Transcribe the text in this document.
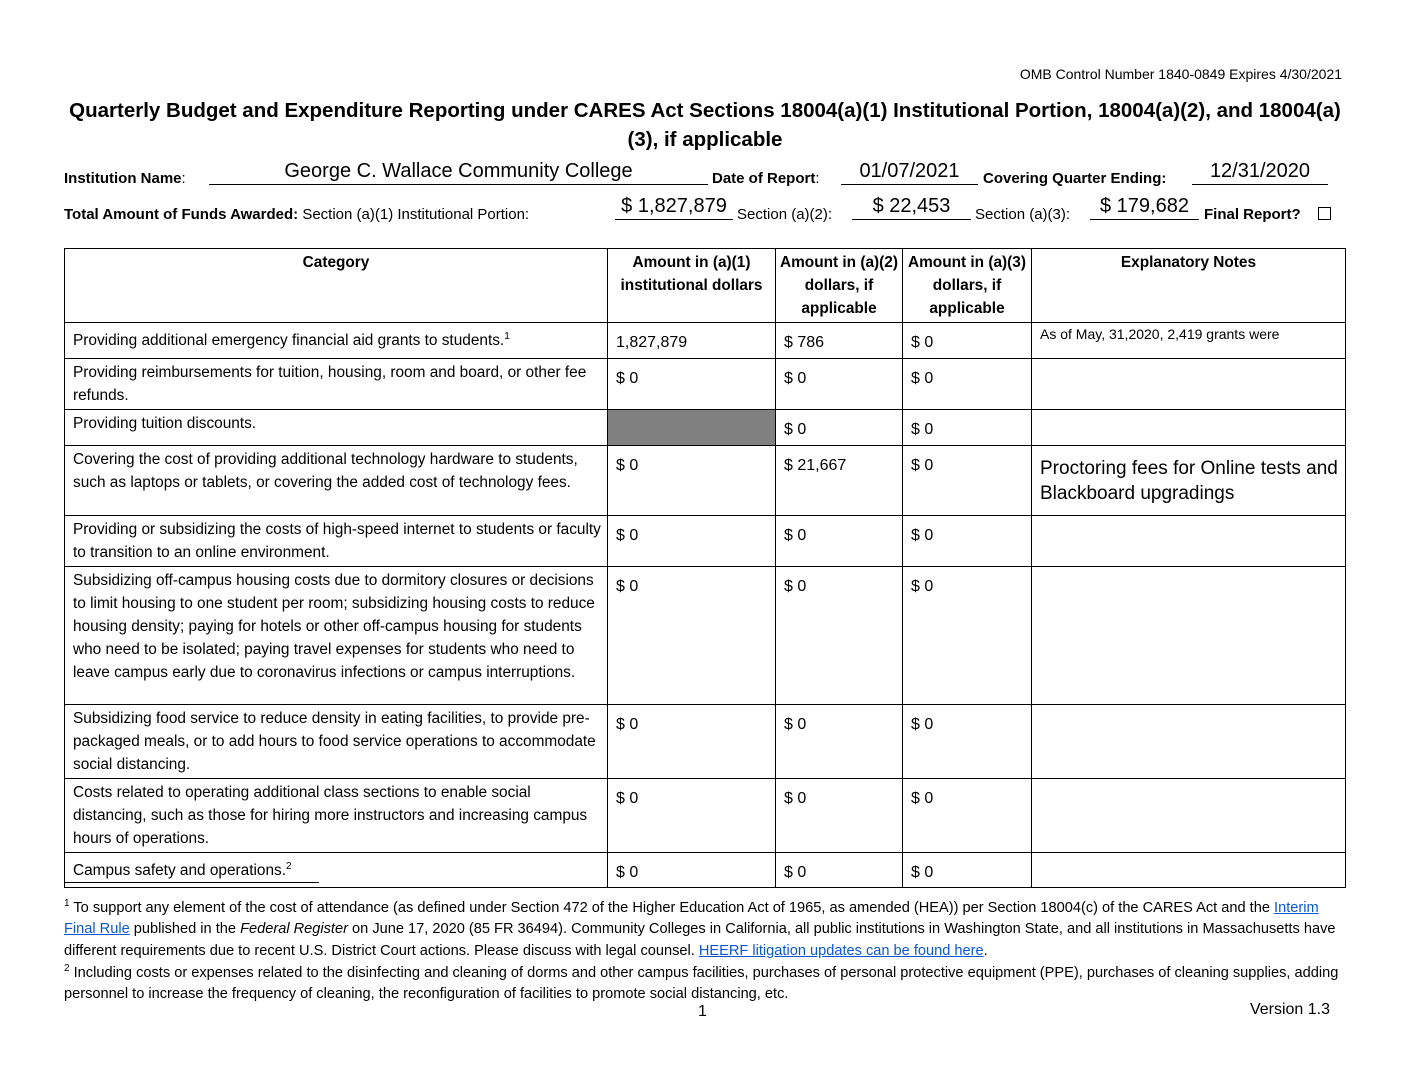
OMB Control Number 1840-0849 Expires 4/30/2021
Quarterly Budget and Expenditure Reporting under CARES Act Sections 18004(a)(1) Institutional Portion, 18004(a)(2), and 18004(a)(3), if applicable
Institution Name:	George C. Wallace Community College	Date of Report:	01/07/2021	Covering Quarter Ending:	12/31/2020
Total Amount of Funds Awarded: Section (a)(1) Institutional Portion:	$ 1,827,879 Section (a)(2):	$ 22,453	Section (a)(3):	$ 179,682	Final Report?
Category	Amount in (a)(1) institutional dollars	Amount in (a)(2) dollars, if applicable	Amount in (a)(3) dollars, if applicable	Explanatory Notes
Providing additional emergency financial aid grants to students.$^1$	1,827,879	$ 786	$ 0	As of May, 31,2020, 2,419 grants were
Providing reimbursements for tuition, housing, room and board, or other fee refunds.	$ 0	$ 0	$ 0	
Providing tuition discounts.		$ 0	$ 0	
Covering the cost of providing additional technology hardware to students, such as laptops or tablets, or covering the added cost of technology fees.	$ 0	$ 21,667	$ 0	Proctoring fees for Online tests and Blackboard upgradings
Providing or subsidizing the costs of high-speed internet to students or faculty to transition to an online environment.	$ 0	$ 0	$ 0	
Subsidizing off-campus housing costs due to dormitory closures or decisions to limit housing to one student per room; subsidizing housing costs to reduce housing density; paying for hotels or other off-campus housing for students who need to be isolated; paying travel expenses for students who need to leave campus early due to coronavirus infections or campus interruptions.	$ 0	$ 0	$ 0	
Subsidizing food service to reduce density in eating facilities, to provide pre-packaged meals, or to add hours to food service operations to accommodate social distancing.	$ 0	$ 0	$ 0	
Costs related to operating additional class sections to enable social distancing, such as those for hiring more instructors and increasing campus hours of operations.	$ 0	$ 0	$ 0	
Campus safety and operations.$^2$	$ 0	$ 0	$ 0	
$^1$ To support any element of the cost of attendance (as defined under Section 472 of the Higher Education Act of 1965, as amended (HEA)) per Section 18004(c) of the CARES Act and the Interim Final Rule published in the Federal Register on June 17, 2020 (85 FR 36494). Community Colleges in California, all public institutions in Washington State, and all institutions in Massachusetts have different requirements due to recent U.S. District Court actions. Please discuss with legal counsel. HEERF litigation updates can be found here.
$^2$ Including costs or expenses related to the disinfecting and cleaning of dorms and other campus facilities, purchases of personal protective equipment (PPE), purchases of cleaning supplies, adding personnel to increase the frequency of cleaning, the reconfiguration of facilities to promote social distancing, etc.
1	Version 1.3
